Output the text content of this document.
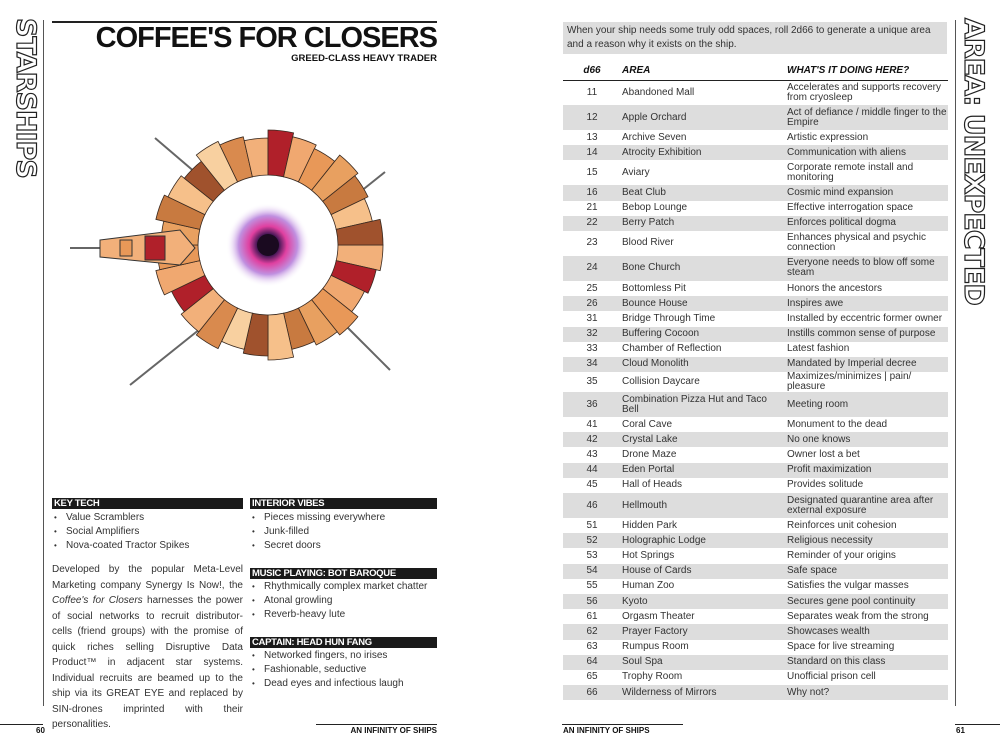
STARSHIPS COFFEE'S FOR CLOSERS
GREED-CLASS HEAVY TRADER
KEY TECH
• Value Scramblers
• Social Amplifiers
• Nova-coated Tractor Spikes
Developed by the popular Meta-Level Marketing company Synergy Is Now!, the Coffee's for Closers harnesses the power of social networks to recruit distributor-cells (friend groups) with the promise of quick riches selling Disruptive Data Product™ in adjacent star systems. Individual recruits are beamed up to the ship via its GREAT EYE and replaced by SIN-drones imprinted with their personalities.
INTERIOR VIBES
• Pieces missing everywhere
• Junk-filled
• Secret doors
MUSIC PLAYING: BOT BAROQUE
• Rhythmically complex market chatter
• Atonal growling
• Reverb-heavy lute
CAPTAIN: HEAD HUN FANG
• Networked fingers, no irises
• Fashionable, seductive
• Dead eyes and infectious laugh
60	AN INFINITY OF SHIPS
When your ship needs some truly odd spaces, roll 2d66 to generate a unique area and a reason why it exists on the ship.
d66	AREA	WHAT'S IT DOING HERE?
11	Abandoned Mall	Accelerates and supports recovery from cryosleep
12	Apple Orchard	Act of defiance / middle finger to the Empire
13	Archive Seven	Artistic expression
14	Atrocity Exhibition	Communication with aliens
15	Aviary	Corporate remote install and monitoring
16	Beat Club	Cosmic mind expansion
21	Bebop Lounge	Effective interrogation space
22	Berry Patch	Enforces political dogma
23	Blood River	Enhances physical and psychic connection
24	Bone Church	Everyone needs to blow off some steam
25	Bottomless Pit	Honors the ancestors
26	Bounce House	Inspires awe
31	Bridge Through Time	Installed by eccentric former owner
32	Buffering Cocoon	Instills common sense of purpose
33	Chamber of Reflection	Latest fashion
34	Cloud Monolith	Mandated by Imperial decree
35	Collision Daycare	Maximizes/minimizes | pain/ pleasure
36	Combination Pizza Hut and Taco Bell	Meeting room
41	Coral Cave	Monument to the dead
42	Crystal Lake	No one knows
43	Drone Maze	Owner lost a bet
44	Eden Portal	Profit maximization
45	Hall of Heads	Provides solitude
46	Hellmouth	Designated quarantine area after external exposure
51	Hidden Park	Reinforces unit cohesion
52	Holographic Lodge	Religious necessity
53	Hot Springs	Reminder of your origins
54	House of Cards	Safe space
55	Human Zoo	Satisfies the vulgar masses
56	Kyoto	Secures gene pool continuity
61	Orgasm Theater	Separates weak from the strong
62	Prayer Factory	Showcases wealth
63	Rumpus Room	Space for live streaming
64	Soul Spa	Standard on this class
65	Trophy Room	Unofficial prison cell
66	Wilderness of Mirrors	Why not?
AREA: UNEXPECTED
AN INFINITY OF SHIPS	61
